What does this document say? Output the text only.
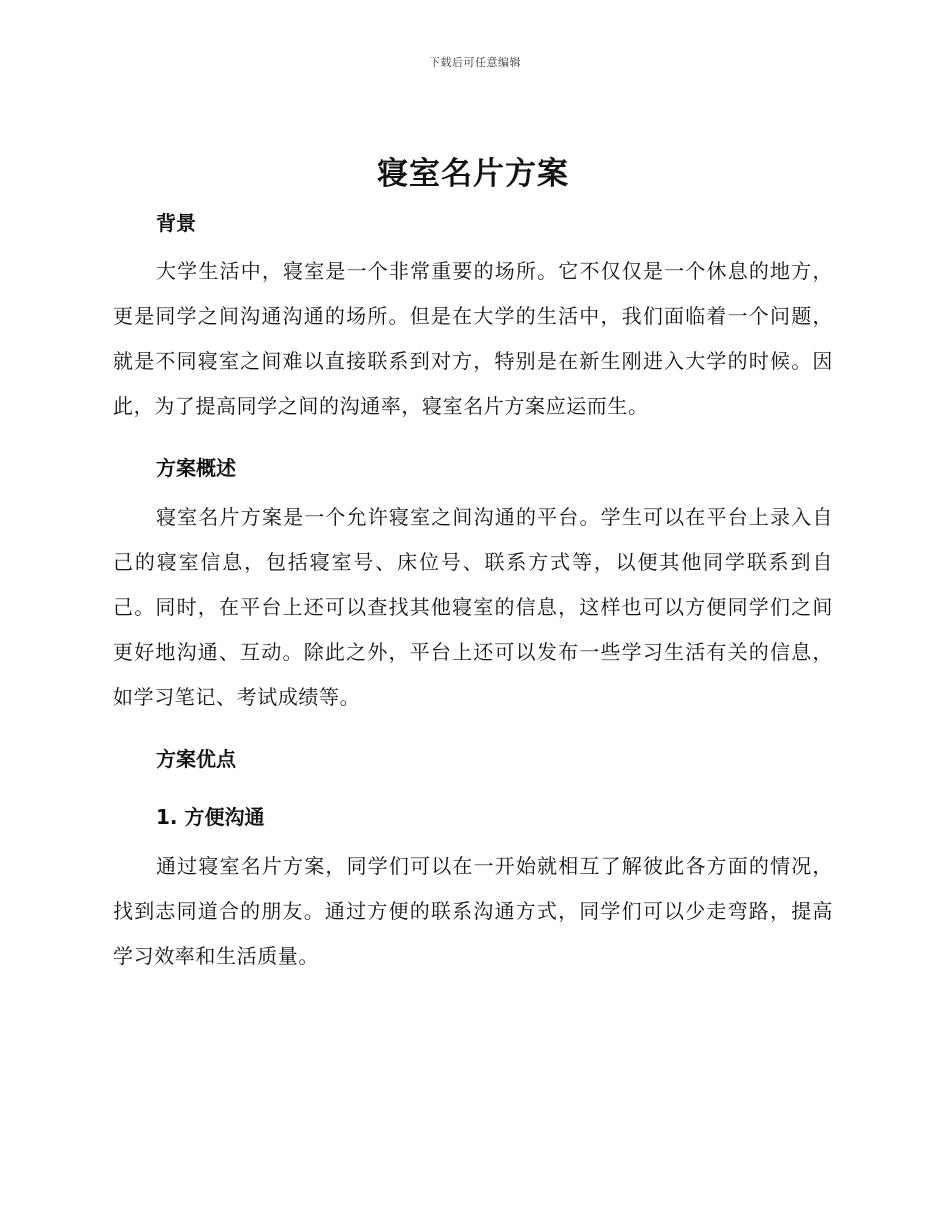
下载后可任意编辑
寝室名片方案
背景

大学生活中，寝室是一个非常重要的场所。它不仅仅是一个休息的地方，更是同学之间沟通沟通的场所。但是在大学的生活中，我们面临着一个问题，就是不同寝室之间难以直接联系到对方，特别是在新生刚进入大学的时候。因此，为了提高同学之间的沟通率，寝室名片方案应运而生。

方案概述

寝室名片方案是一个允许寝室之间沟通的平台。学生可以在平台上录入自己的寝室信息，包括寝室号、床位号、联系方式等，以便其他同学联系到自己。同时，在平台上还可以查找其他寝室的信息，这样也可以方便同学们之间更好地沟通、互动。除此之外，平台上还可以发布一些学习生活有关的信息，如学习笔记、考试成绩等。

方案优点
1. 方便沟通

通过寝室名片方案，同学们可以在一开始就相互了解彼此各方面的情况，找到志同道合的朋友。通过方便的联系沟通方式，同学们可以少走弯路，提高学习效率和生活质量。
